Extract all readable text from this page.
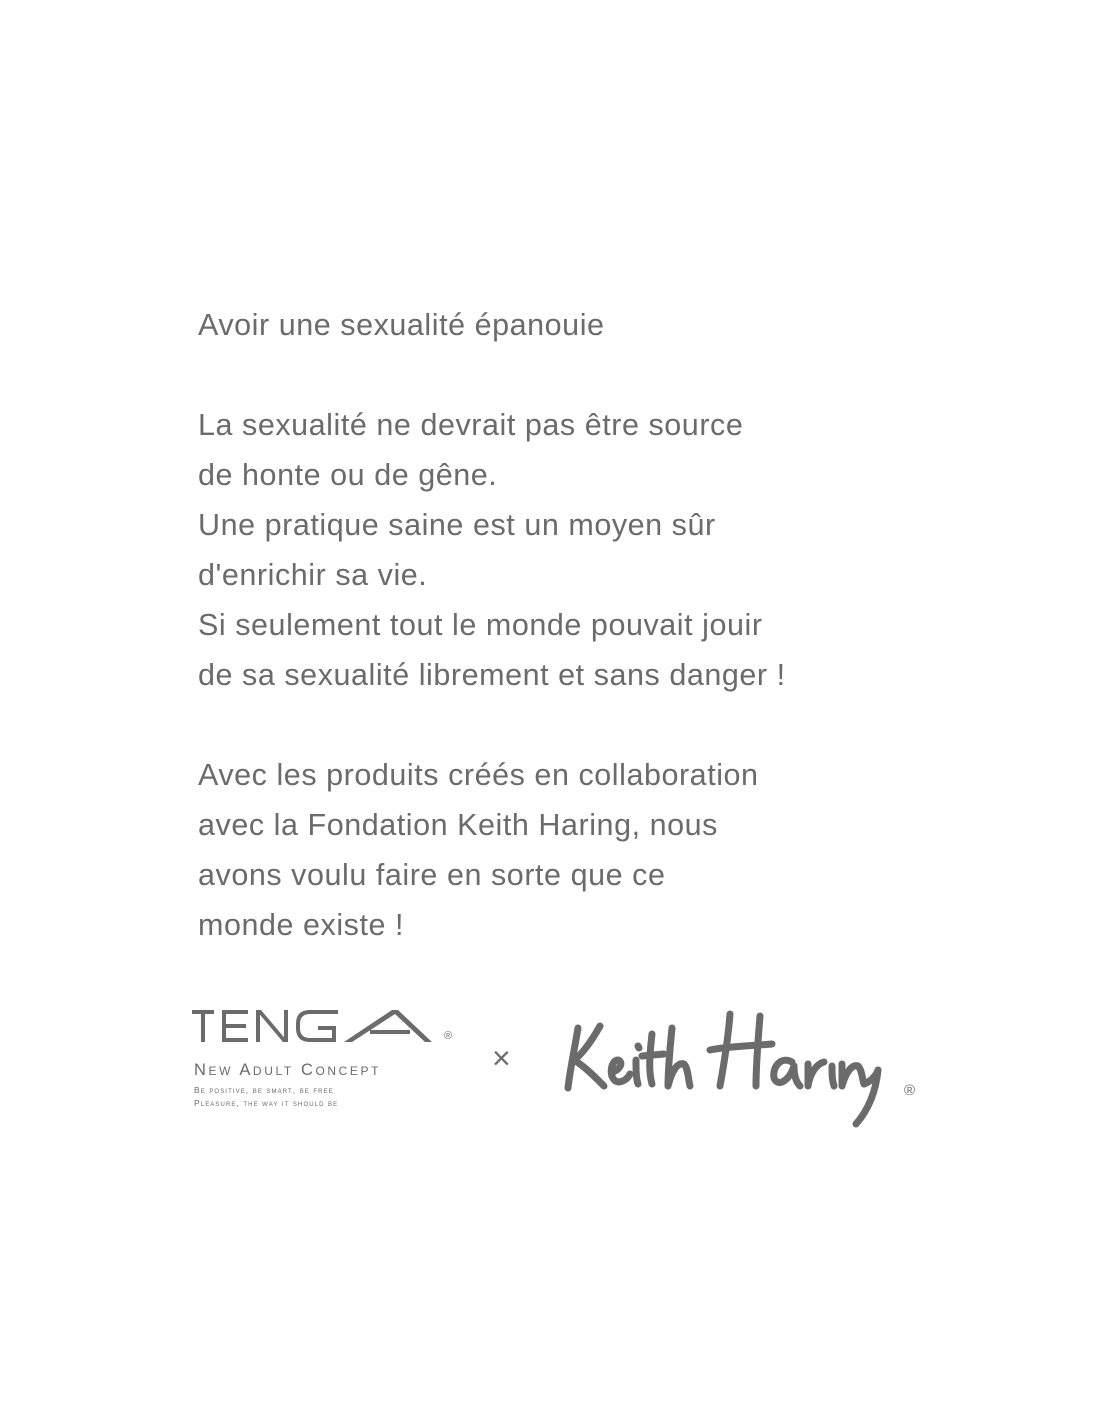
Avoir une sexualité épanouie
La sexualité ne devrait pas être source
de honte ou de gêne.
Une pratique saine est un moyen sûr
d'enrichir sa vie.
Si seulement tout le monde pouvait jouir
de sa sexualité librement et sans danger !
Avec les produits créés en collaboration
avec la Fondation Keith Haring, nous
avons voulu faire en sorte que ce
monde existe !
®
New Adult Concept
Be positive, be smart, be free
Pleasure, the way it should be
×
®
